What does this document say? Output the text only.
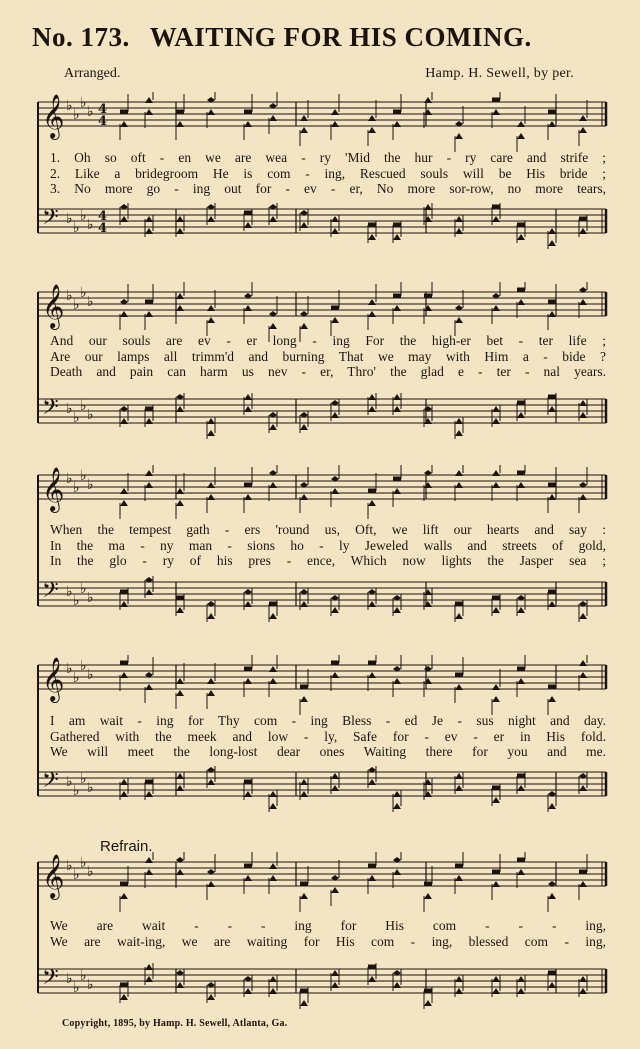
No. 173. WAITING FOR HIS COMING.
Arranged.	Hamp. H. Sewell, by per.
𝄞 ♭
♭
♭
♭
𝄢 ♭
♭
♭
♭
4
4
4
4
𝄞 ♭
♭
♭
♭
𝄢 ♭
♭
♭
♭
𝄞 ♭
♭
♭
♭
𝄢 ♭
♭
♭
♭
𝄞 ♭
♭
♭
♭
𝄢 ♭
♭
♭
♭
𝄞 ♭
♭
♭
♭
𝄢 ♭
♭
♭
♭
1. Oh so oft - en we are wea - ry 'Mid the hur - ry care and strife ;
2. Like a bridegroom He is com - ing, Rescued souls will be His bride ;
3. No more go - ing out for - ev - er, No more sor-row, no more tears,
And our souls are ev - er long - ing For the high-er bet - ter life ;
Are our lamps all trimm'd and burning That we may with Him a - bide ?
Death and pain can harm us nev - er, Thro' the glad e - ter - nal years.
When the tempest gath - ers 'round us, Oft, we lift our hearts and say :
In the ma - ny man - sions ho - ly Jeweled walls and streets of gold,
In the glo - ry of his pres - ence, Which now lights the Jasper sea ;
I am wait - ing for Thy com - ing Bless - ed Je - sus night and day.
Gathered with the meek and low - ly, Safe for - ev - er in His fold.
We will meet the long-lost dear ones Waiting there for you and me.
Refrain.
We are wait - - - ing for His com - - - ing,
We are wait-ing, we are waiting for His com - ing, blessed com - ing,
Copyright, 1895, by Hamp. H. Sewell, Atlanta, Ga.
